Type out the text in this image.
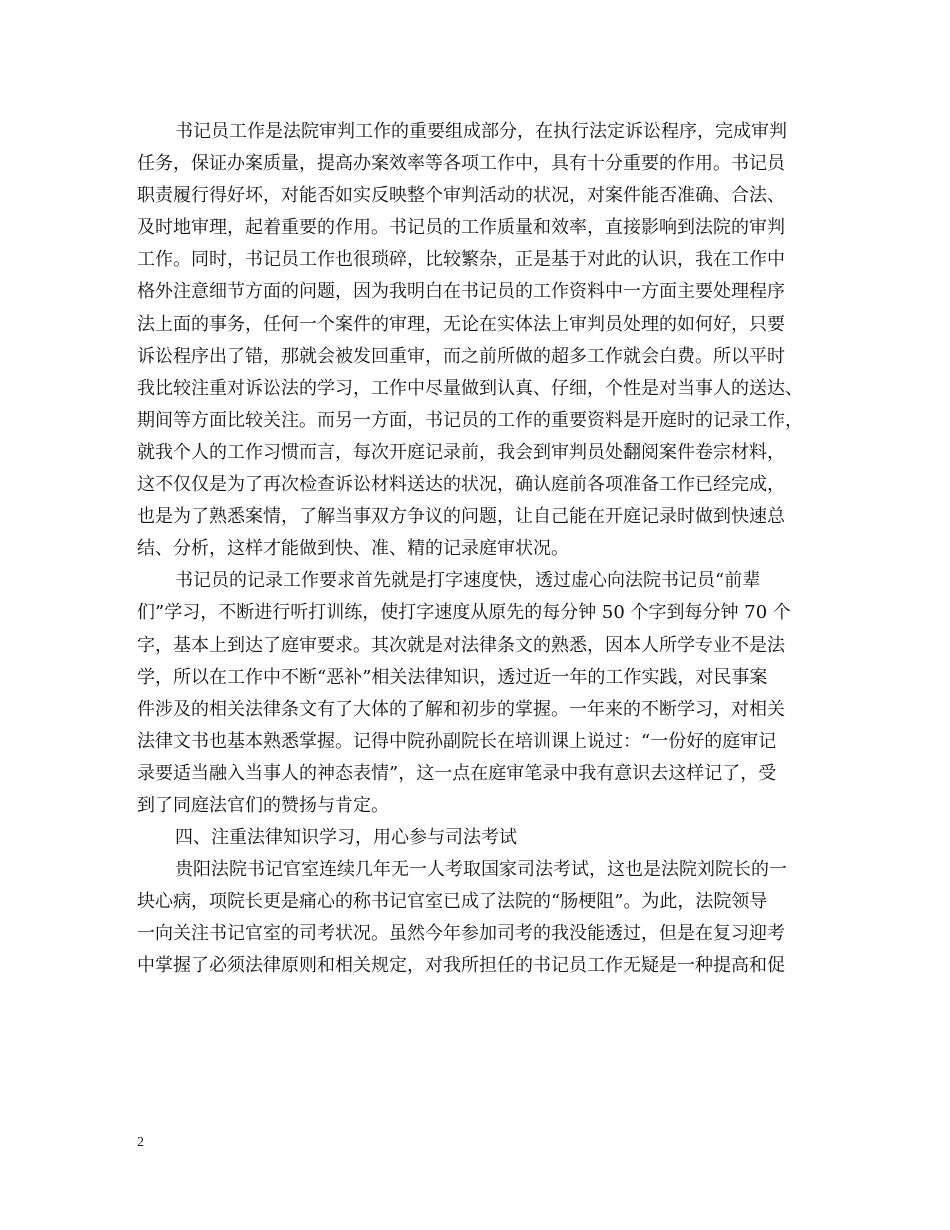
书记员工作是法院审判工作的重要组成部分，在执行法定诉讼程序，完成审判
任务，保证办案质量，提高办案效率等各项工作中，具有十分重要的作用。书记员
职责履行得好坏，对能否如实反映整个审判活动的状况，对案件能否准确、合法、
及时地审理，起着重要的作用。书记员的工作质量和效率，直接影响到法院的审判
工作。同时，书记员工作也很琐碎，比较繁杂，正是基于对此的认识，我在工作中
格外注意细节方面的问题，因为我明白在书记员的工作资料中一方面主要处理程序
法上面的事务，任何一个案件的审理，无论在实体法上审判员处理的如何好，只要
诉讼程序出了错，那就会被发回重审，而之前所做的超多工作就会白费。所以平时
我比较注重对诉讼法的学习，工作中尽量做到认真、仔细，个性是对当事人的送达、
期间等方面比较关注。而另一方面，书记员的工作的重要资料是开庭时的记录工作，
就我个人的工作习惯而言，每次开庭记录前，我会到审判员处翻阅案件卷宗材料，
这不仅仅是为了再次检查诉讼材料送达的状况，确认庭前各项准备工作已经完成，
也是为了熟悉案情，了解当事双方争议的问题，让自己能在开庭记录时做到快速总
结、分析，这样才能做到快、准、精的记录庭审状况。
书记员的记录工作要求首先就是打字速度快，透过虚心向法院书记员“前辈
们”学习，不断进行听打训练，使打字速度从原先的每分钟 50 个字到每分钟 70 个
字，基本上到达了庭审要求。其次就是对法律条文的熟悉，因本人所学专业不是法
学，所以在工作中不断“恶补”相关法律知识，透过近一年的工作实践，对民事案
件涉及的相关法律条文有了大体的了解和初步的掌握。一年来的不断学习，对相关
法律文书也基本熟悉掌握。记得中院孙副院长在培训课上说过：“一份好的庭审记
录要适当融入当事人的神态表情”，这一点在庭审笔录中我有意识去这样记了，受
到了同庭法官们的赞扬与肯定。
四、注重法律知识学习，用心参与司法考试
贵阳法院书记官室连续几年无一人考取国家司法考试，这也是法院刘院长的一
块心病，项院长更是痛心的称书记官室已成了法院的“肠梗阻”。为此，法院领导
一向关注书记官室的司考状况。虽然今年参加司考的我没能透过，但是在复习迎考
中掌握了必须法律原则和相关规定，对我所担任的书记员工作无疑是一种提高和促
2
